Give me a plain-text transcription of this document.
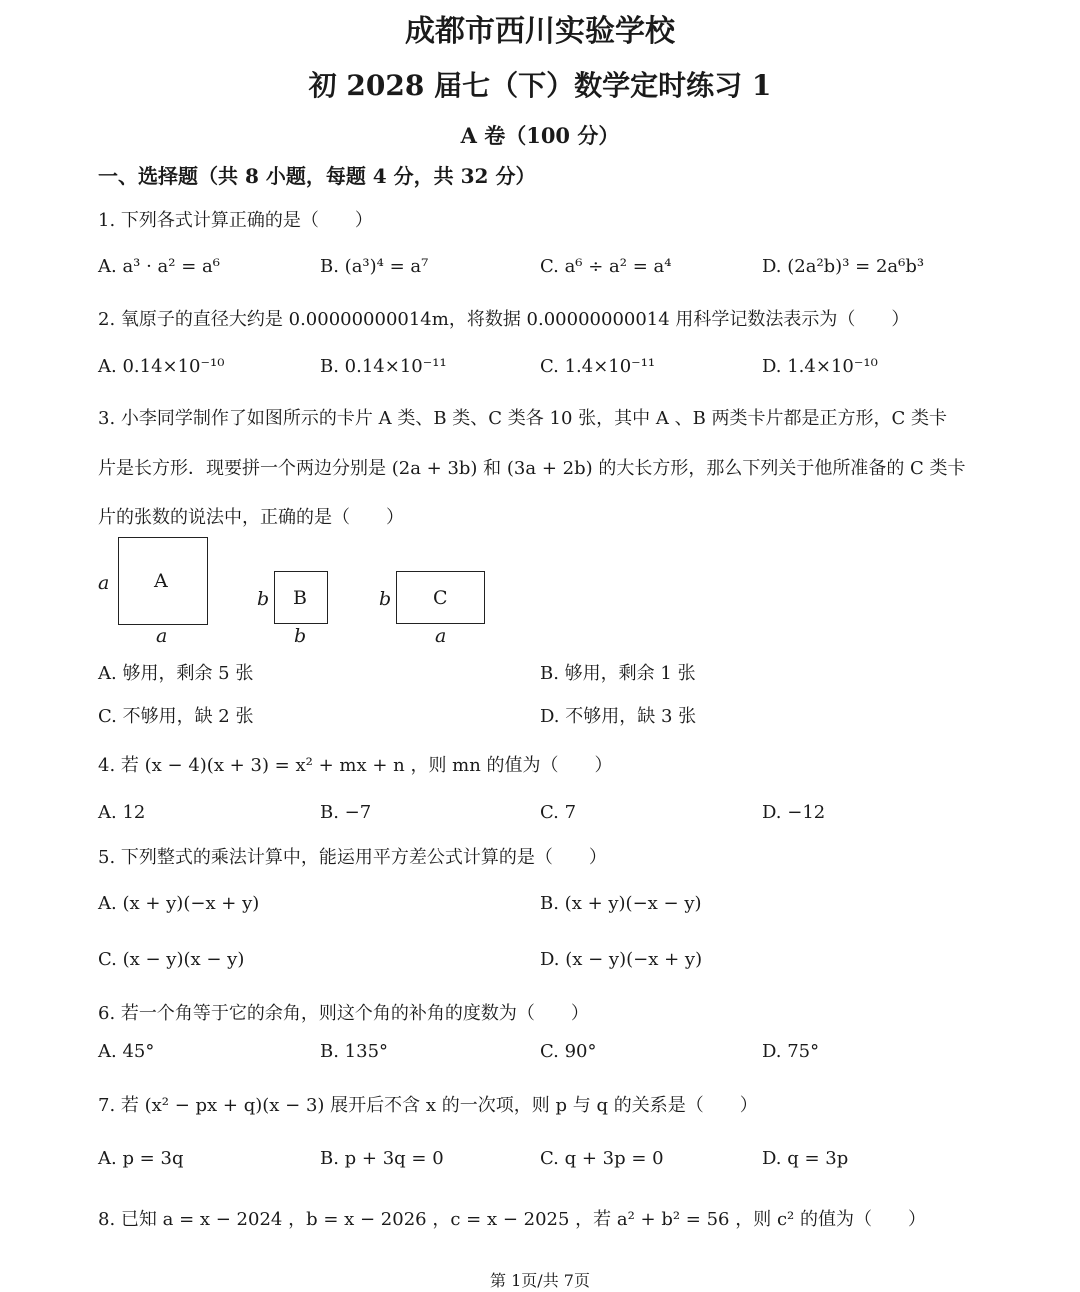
成都市西川实验学校
初 2028 届七（下）数学定时练习 1
A 卷（100 分）
一、选择题（共 8 小题，每题 4 分，共 32 分）
1. 下列各式计算正确的是（　　）
A. a³ · a² = a⁶	B. (a³)⁴ = a⁷	C. a⁶ ÷ a² = a⁴	D. (2a²b)³ = 2a⁶b³
2. 氧原子的直径大约是 0.00000000014m，将数据 0.00000000014 用科学记数法表示为（　　）
A. 0.14×10⁻¹⁰	B. 0.14×10⁻¹¹	C. 1.4×10⁻¹¹	D. 1.4×10⁻¹⁰
3. 小李同学制作了如图所示的卡片 A 类、B 类、C 类各 10 张，其中 A 、B 两类卡片都是正方形，C 类卡
片是长方形．现要拼一个两边分别是 (2a + 3b) 和 (3a + 2b) 的大长方形，那么下列关于他所准备的 C 类卡
片的张数的说法中，正确的是（　　）
a A
a
b B
b
b C
a
A. 够用，剩余 5 张	B. 够用，剩余 1 张
C. 不够用，缺 2 张	D. 不够用，缺 3 张
4. 若 (x − 4)(x + 3) = x² + mx + n ，则 mn 的值为（　　）
A. 12	B. −7	C. 7	D. −12
5. 下列整式的乘法计算中，能运用平方差公式计算的是（　　）
A. (x + y)(−x + y)	B. (x + y)(−x − y)
C. (x − y)(x − y)	D. (x − y)(−x + y)
6. 若一个角等于它的余角，则这个角的补角的度数为（　　）
A. 45°	B. 135°	C. 90°	D. 75°
7. 若 (x² − px + q)(x − 3) 展开后不含 x 的一次项，则 p 与 q 的关系是（　　）
A. p = 3q	B. p + 3q = 0	C. q + 3p = 0	D. q = 3p
8. 已知 a = x − 2024 ，b = x − 2026 ，c = x − 2025 ，若 a² + b² = 56 ，则 c² 的值为（　　）
第 1页/共 7页
